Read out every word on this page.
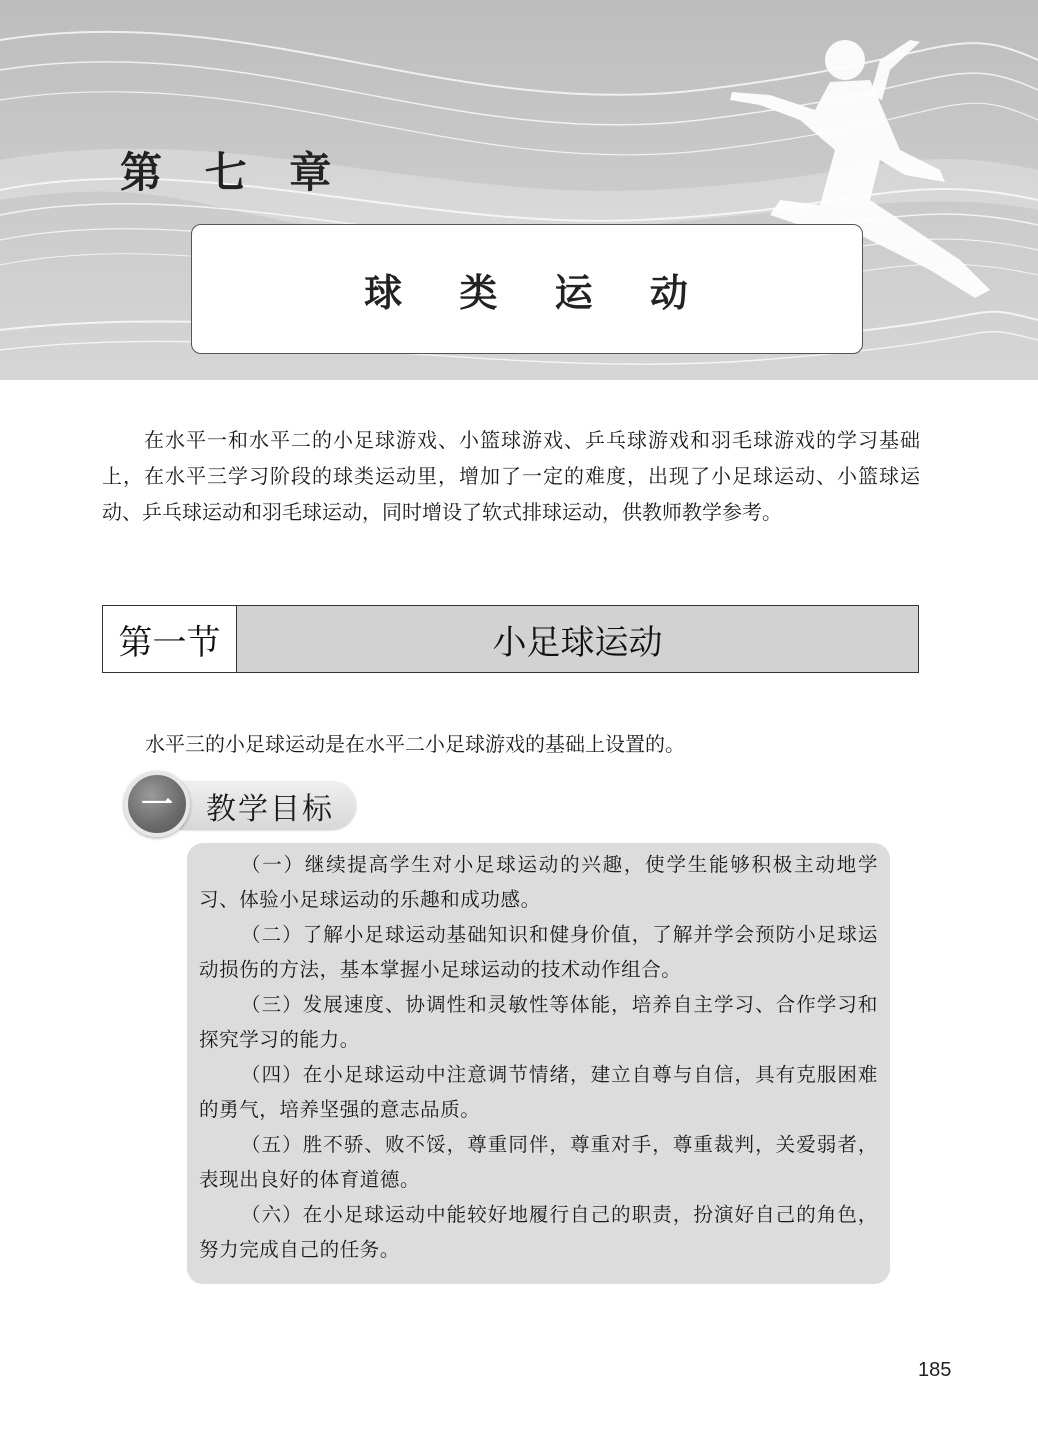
第 七 章
球 类 运 动

在水平一和水平二的小足球游戏、小篮球游戏、乒乓球游戏和羽毛球游戏的学习基础上，在水平三学习阶段的球类运动里，增加了一定的难度，出现了小足球运动、小篮球运动、乒乓球运动和羽毛球运动，同时增设了软式排球运动，供教师教学参考。

第一节	小足球运动
水平三的小足球运动是在水平二小足球游戏的基础上设置的。
教学目标
一

（一）继续提高学生对小足球运动的兴趣，使学生能够积极主动地学习、体验小足球运动的乐趣和成功感。

（二）了解小足球运动基础知识和健身价值，了解并学会预防小足球运动损伤的方法，基本掌握小足球运动的技术动作组合。

（三）发展速度、协调性和灵敏性等体能，培养自主学习、合作学习和探究学习的能力。

（四）在小足球运动中注意调节情绪，建立自尊与自信，具有克服困难的勇气，培养坚强的意志品质。

（五）胜不骄、败不馁，尊重同伴，尊重对手，尊重裁判，关爱弱者，表现出良好的体育道德。

（六）在小足球运动中能较好地履行自己的职责，扮演好自己的角色，努力完成自己的任务。

185
